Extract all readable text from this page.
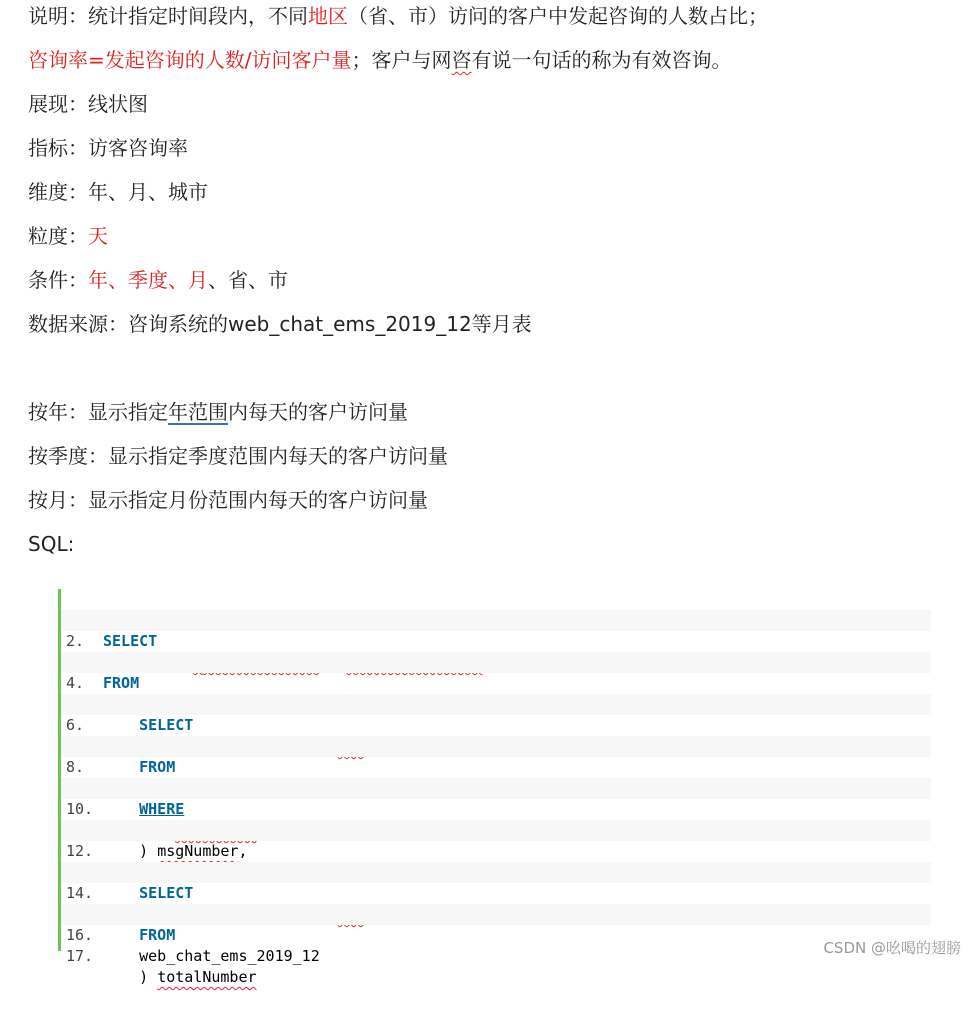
说明：统计指定时间段内，不同地区（省、市）访问的客户中发起咨询的人数占比；
咨询率=发起咨询的人数/访问客户量；客户与网咨有说一句话的称为有效咨询。
展现：线状图
指标：访客咨询率
维度：年、月、城市
粒度：天
条件：年、季度、月、省、市
数据来源：咨询系统的web_chat_ems_2019_12等月表
按年：显示指定年范围内每天的客户访问量
按季度：显示指定季度范围内每天的客户访问量
按月：显示指定月份范围内每天的客户访问量
SQL:

SELECT

2.

FROM

4.

SELECT

6.

FROM

8.

WHERE

10.

) msgNumber,

12.

SELECT

14.

FROM

16.

web_chat_ems_2019_12

17.

) totalNumber

CSDN @吆喝的翅膀
